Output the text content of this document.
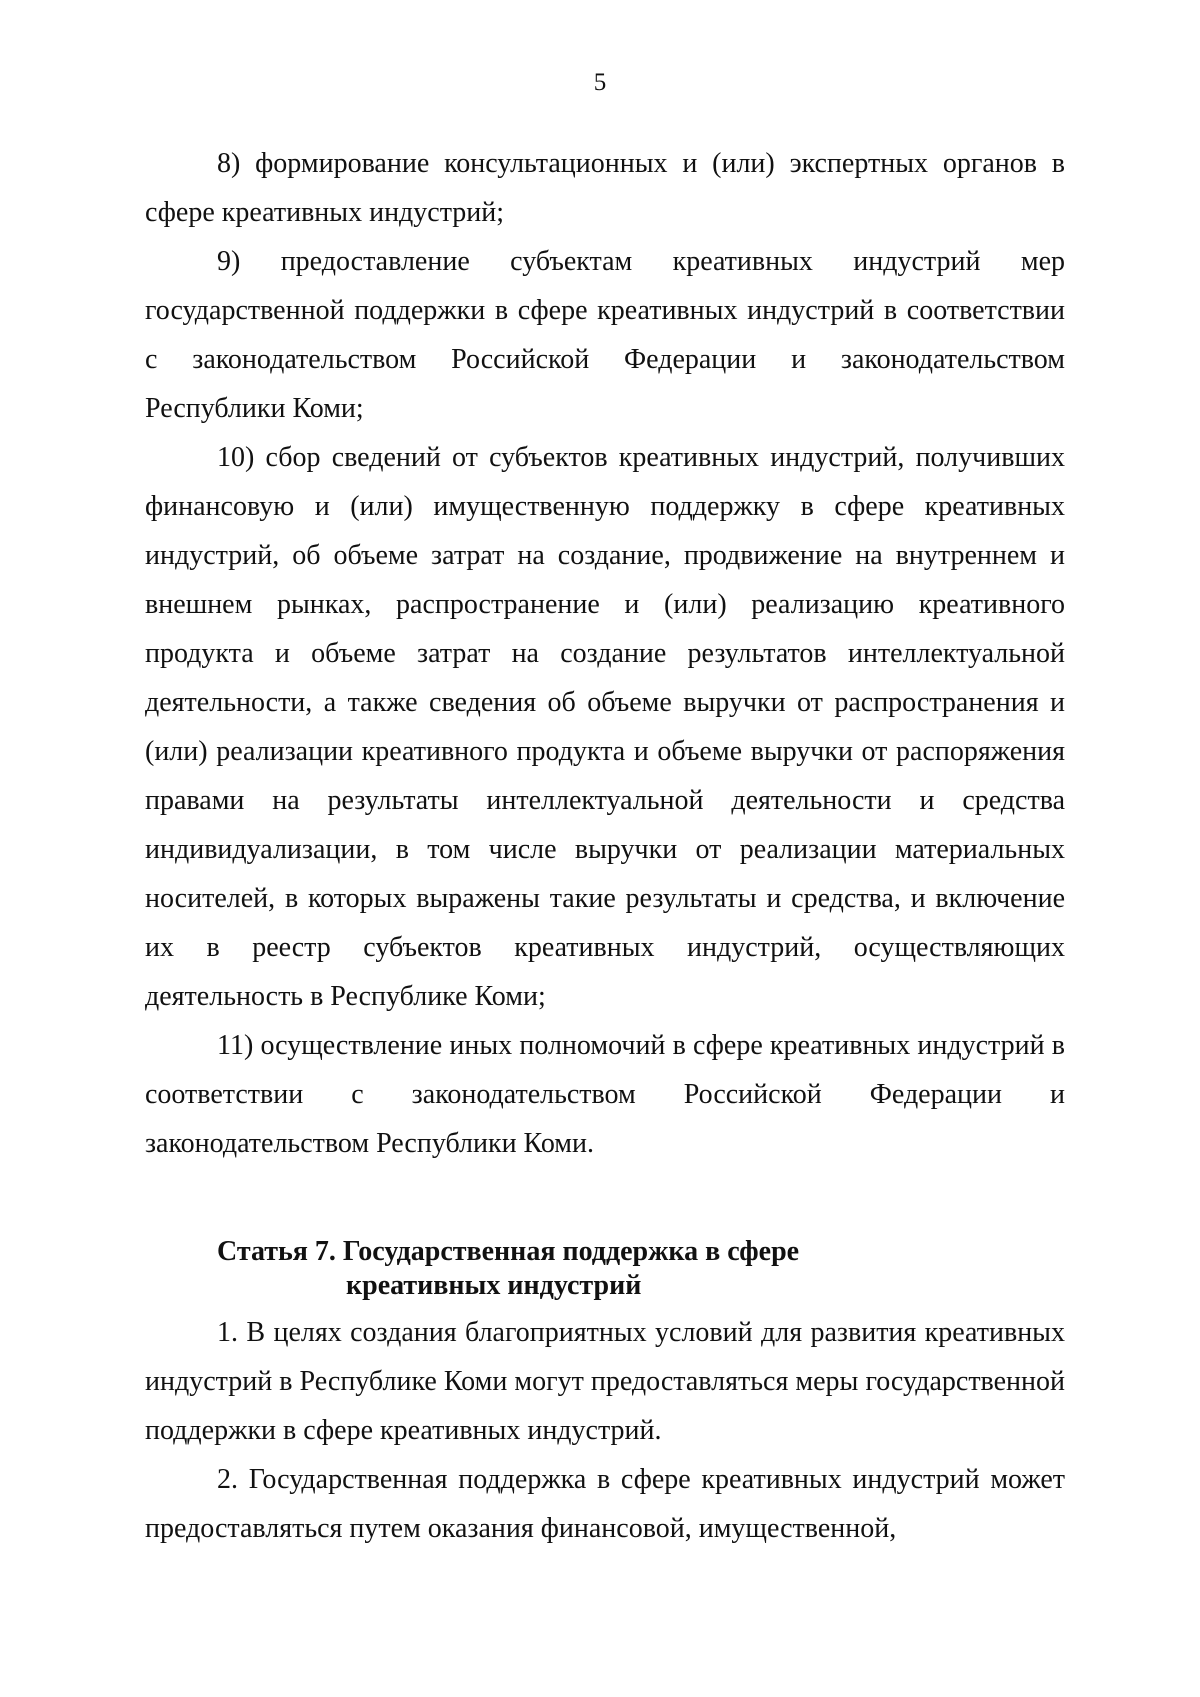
5

8) формирование консультационных и (или) экспертных органов в сфере креативных индустрий;

9) предоставление субъектам креативных индустрий мер государственной поддержки в сфере креативных индустрий в соответствии с законодательством Российской Федерации и законодательством Республики Коми;

10) сбор сведений от субъектов креативных индустрий, получивших финансовую и (или) имущественную поддержку в сфере креативных индустрий, об объеме затрат на создание, продвижение на внутреннем и внешнем рынках, распространение и (или) реализацию креативного продукта и объеме затрат на создание результатов интеллектуальной деятельности, а также сведения об объеме выручки от распространения и (или) реализации креативного продукта и объеме выручки от распоряжения правами на результаты интеллектуальной деятельности и средства индивидуализации, в том числе выручки от реализации материальных носителей, в которых выражены такие результаты и средства, и включение их в реестр субъектов креативных индустрий, осуществляющих деятельность в Республике Коми;

11) осуществление иных полномочий в сфере креативных индустрий в соответствии с законодательством Российской Федерации и законодательством Республики Коми.

Статья 7. Государственная поддержка в сфере
креативных индустрий

1. В целях создания благоприятных условий для развития креативных индустрий в Республике Коми могут предоставляться меры государственной поддержки в сфере креативных индустрий.

2. Государственная поддержка в сфере креативных индустрий может предоставляться путем оказания финансовой, имущественной,
